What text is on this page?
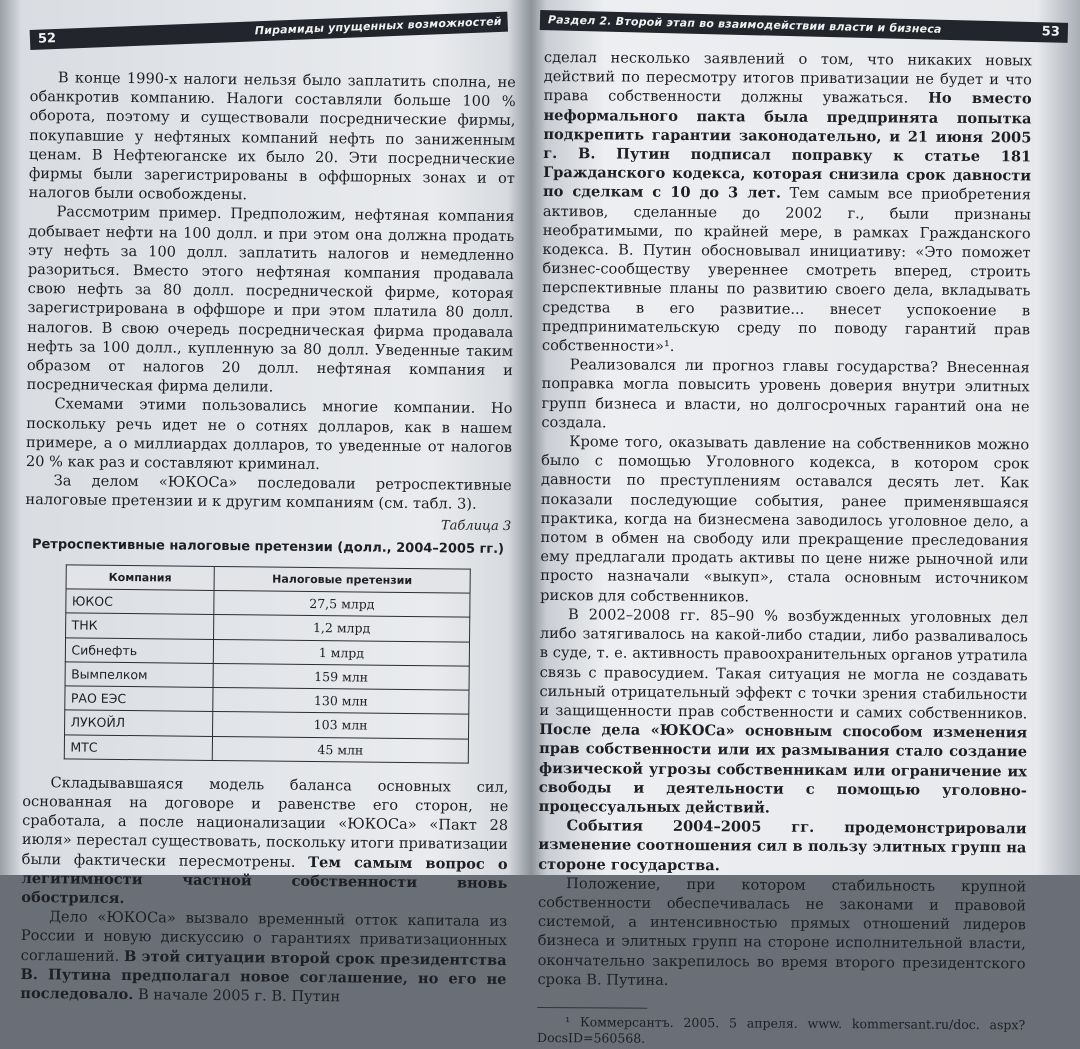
52
Пирамиды упущенных возможностей

В конце 1990-х налоги нельзя было заплатить сполна, не обанкротив компанию. Налоги составляли больше 100 % оборота, поэтому и существовали посреднические фирмы, покупавшие у нефтяных компаний нефть по заниженным ценам. В Нефтеюганске их было 20. Эти посреднические фирмы были зарегистрированы в оффшорных зонах и от налогов были освобождены.

Рассмотрим пример. Предположим, нефтяная компания добывает нефти на 100 долл. и при этом она должна продать эту нефть за 100 долл. заплатить налогов и немедленно разориться. Вместо этого нефтяная компания продавала свою нефть за 80 долл. посреднической фирме, которая зарегистрирована в оффшоре и при этом платила 80 долл. налогов. В свою очередь посредническая фирма продавала нефть за 100 долл., купленную за 80 долл. Уведенные таким образом от налогов 20 долл. нефтяная компания и посредническая фирма делили.

Схемами этими пользовались многие компании. Но поскольку речь идет не о сотнях долларов, как в нашем примере, а о миллиардах долларов, то уведенные от налогов 20 % как раз и составляют криминал.

За делом «ЮКОСа» последовали ретроспективные налоговые претензии и к другим компаниям (см. табл. 3).

Таблица 3
Ретроспективные налоговые претензии (долл., 2004–2005 гг.)
Компания	Налоговые претензии
ЮКОС	27,5 млрд
ТНК	1,2 млрд
Сибнефть	1 млрд
Вымпелком	159 млн
РАО ЕЭС	130 млн
ЛУКОЙЛ	103 млн
МТС	45 млн

Складывавшаяся модель баланса основных сил, основанная на договоре и равенстве его сторон, не сработала, а после национализации «ЮКОСа» «Пакт 28 июля» перестал существовать, поскольку итоги приватизации были фактически пересмотрены. Тем самым вопрос о легитимности частной собственности вновь обострился.

Дело «ЮКОСа» вызвало временный отток капитала из России и новую дискуссию о гарантиях приватизационных соглашений. В этой ситуации второй срок президентства В. Путина предполагал новое соглашение, но его не последовало. В начале 2005 г. В. Путин

Раздел 2. Второй этап во взаимодействии власти и бизнеса	53

сделал несколько заявлений о том, что никаких новых действий по пересмотру итогов приватизации не будет и что права собственности должны уважаться. Но вместо неформального пакта была предпринята попытка подкрепить гарантии законодательно, и 21 июня 2005 г. В. Путин подписал поправку к статье 181 Гражданского кодекса, которая снизила срок давности по сделкам с 10 до 3 лет. Тем самым все приобретения активов, сделанные до 2002 г., были признаны необратимыми, по крайней мере, в рамках Гражданского кодекса. В. Путин обосновывал инициативу: «Это поможет бизнес-сообществу увереннее смотреть вперед, строить перспективные планы по развитию своего дела, вкладывать средства в его развитие... внесет успокоение в предпринимательскую среду по поводу гарантий прав собственности»¹.

Реализовался ли прогноз главы государства? Внесенная поправка могла повысить уровень доверия внутри элитных групп бизнеса и власти, но долгосрочных гарантий она не создала.

Кроме того, оказывать давление на собственников можно было с помощью Уголовного кодекса, в котором срок давности по преступлениям оставался десять лет. Как показали последующие события, ранее применявшаяся практика, когда на бизнесмена заводилось уголовное дело, а потом в обмен на свободу или прекращение преследования ему предлагали продать активы по цене ниже рыночной или просто назначали «выкуп», стала основным источником рисков для собственников.

В 2002–2008 гг. 85–90 % возбужденных уголовных дел либо затягивалось на какой-либо стадии, либо разваливалось в суде, т. е. активность правоохранительных органов утратила связь с правосудием. Такая ситуация не могла не создавать сильный отрицательный эффект с точки зрения стабильности и защищенности прав собственности и самих собственников. После дела «ЮКОСа» основным способом изменения прав собственности или их размывания стало создание физической угрозы собственникам или ограничение их свободы и деятельности с помощью уголовно-процессуальных действий.

События 2004–2005 гг. продемонстрировали изменение соотношения сил в пользу элитных групп на стороне государства.

Положение, при котором стабильность крупной собственности обеспечивалась не законами и правовой системой, а интенсивностью прямых отношений лидеров бизнеса и элитных групп на стороне исполнительной власти, окончательно закрепилось во время второго президентского срока В. Путина.

¹ Коммерсантъ. 2005. 5 апреля. www. kommersant.ru/doc. aspx? DocsID=560568.
